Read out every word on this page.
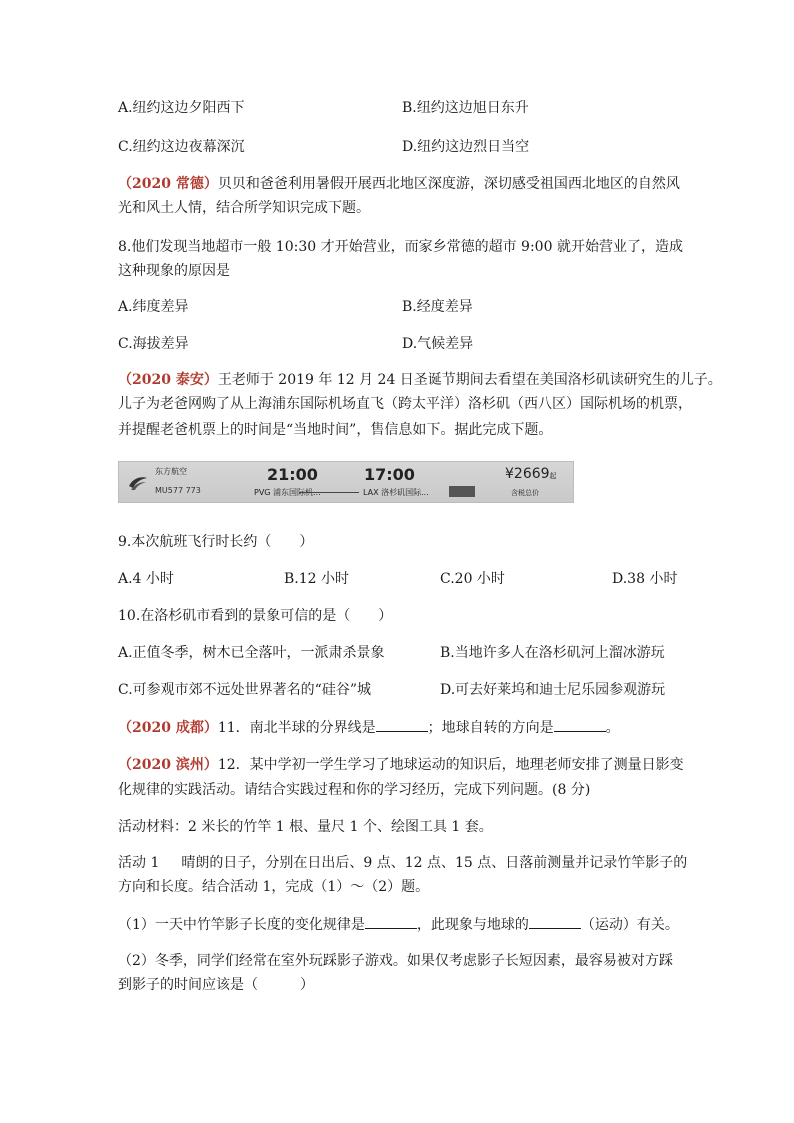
A.纽约这边夕阳西下	B.纽约这边旭日东升
C.纽约这边夜幕深沉	D.纽约这边烈日当空
（2020 常德）贝贝和爸爸利用暑假开展西北地区深度游，深切感受祖国西北地区的自然风
光和风土人情，结合所学知识完成下题。
8.他们发现当地超市一般 10:30 才开始营业，而家乡常德的超市 9:00 就开始营业了，造成
这种现象的原因是
A.纬度差异	B.经度差异
C.海拔差异	D.气候差异
（2020 泰安）王老师于 2019 年 12 月 24 日圣诞节期间去看望在美国洛杉矶读研究生的儿子。
儿子为老爸网购了从上海浦东国际机场直飞（跨太平洋）洛杉矶（西八区）国际机场的机票，
并提醒老爸机票上的时间是“当地时间”，售信息如下。据此完成下题。
东方航空
MU577 773
21:00
PVG 浦东国际机...
17:00
LAX 洛杉矶国际...
¥2669起
含税总价
9.本次航班飞行时长约（　　）
A.4 小时	B.12 小时	C.20 小时	D.38 小时
10.在洛杉矶市看到的景象可信的是（　　）
A.正值冬季，树木已全落叶，一派肃杀景象	B.当地许多人在洛杉矶河上溜冰游玩
C.可参观市郊不远处世界著名的“硅谷”城	D.可去好莱坞和迪士尼乐园参观游玩
（2020 成都）11．南北半球的分界线是	；地球自转的方向是	。
（2020 滨州）12．某中学初一学生学习了地球运动的知识后，地理老师安排了测量日影变
化规律的实践活动。请结合实践过程和你的学习经历，完成下列问题。(8 分)
活动材料：2 米长的竹竿 1 根、量尺 1 个、绘图工具 1 套。
活动 1 晴朗的日子，分别在日出后、9 点、12 点、15 点、日落前测量并记录竹竿影子的
方向和长度。结合活动 1，完成（1）～（2）题。
（1）一天中竹竿影子长度的变化规律是	，此现象与地球的	（运动）有关。
（2）冬季，同学们经常在室外玩踩影子游戏。如果仅考虑影子长短因素，最容易被对方踩
到影子的时间应该是（　　　）
